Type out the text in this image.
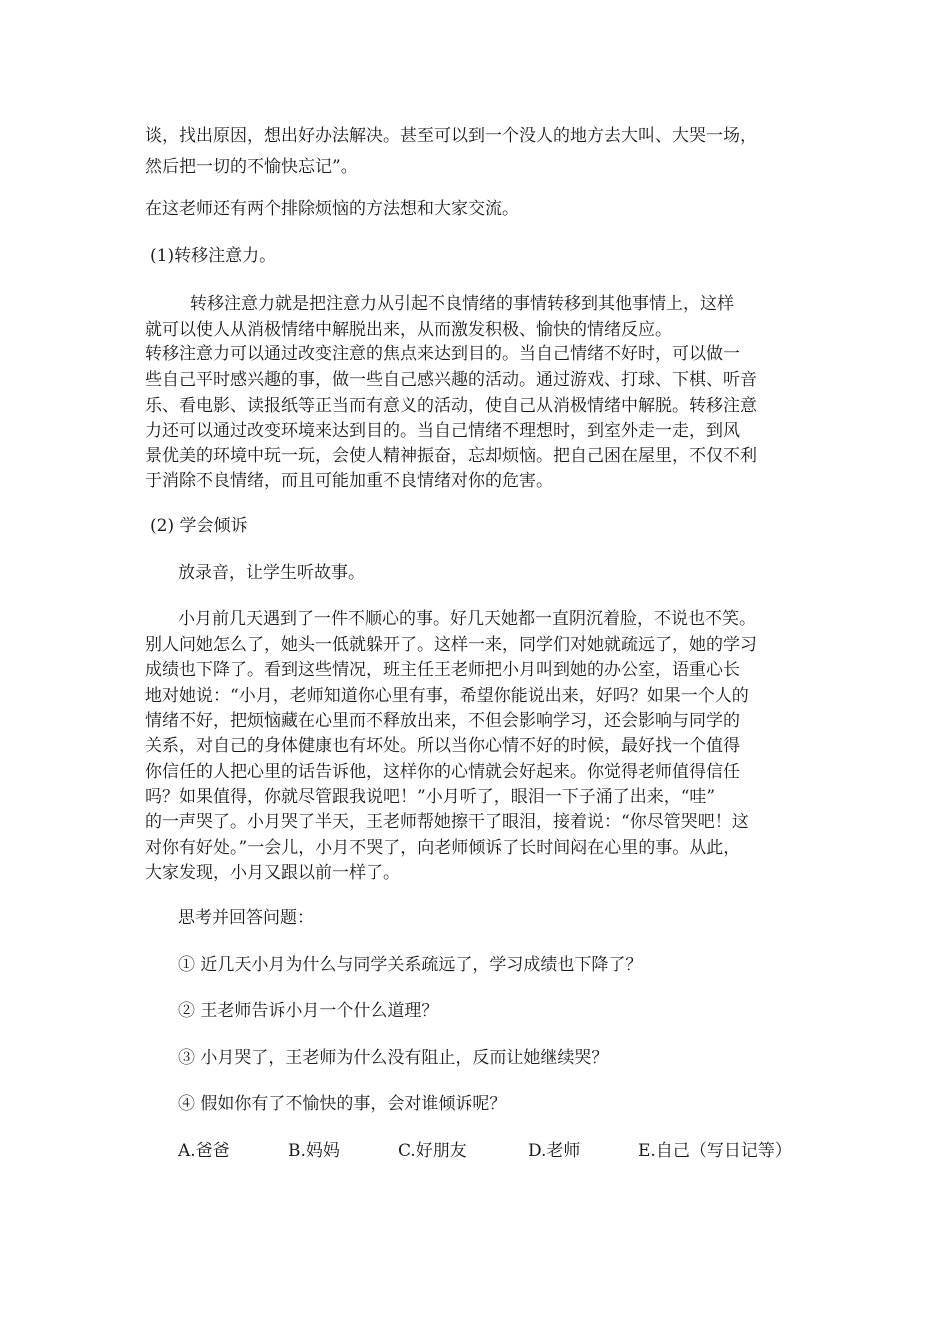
谈，找出原因，想出好办法解决。甚至可以到一个没人的地方去大叫、大哭一场，
然后把一切的不愉快忘记”。
在这老师还有两个排除烦恼的方法想和大家交流。
(1)转移注意力。
转移注意力就是把注意力从引起不良情绪的事情转移到其他事情上，这样
就可以使人从消极情绪中解脱出来，从而激发积极、愉快的情绪反应。
转移注意力可以通过改变注意的焦点来达到目的。当自己情绪不好时，可以做一
些自己平时感兴趣的事，做一些自己感兴趣的活动。通过游戏、打球、下棋、听音
乐、看电影、读报纸等正当而有意义的活动，使自己从消极情绪中解脱。转移注意
力还可以通过改变环境来达到目的。当自己情绪不理想时，到室外走一走，到风
景优美的环境中玩一玩，会使人精神振奋，忘却烦恼。把自己困在屋里，不仅不利
于消除不良情绪，而且可能加重不良情绪对你的危害。
(2) 学会倾诉
放录音，让学生听故事。
小月前几天遇到了一件不顺心的事。好几天她都一直阴沉着脸，不说也不笑。
别人问她怎么了，她头一低就躲开了。这样一来，同学们对她就疏远了，她的学习
成绩也下降了。看到这些情况，班主任王老师把小月叫到她的办公室，语重心长
地对她说：“小月，老师知道你心里有事，希望你能说出来，好吗？如果一个人的
情绪不好，把烦恼藏在心里而不释放出来，不但会影响学习，还会影响与同学的
关系，对自己的身体健康也有坏处。所以当你心情不好的时候，最好找一个值得
你信任的人把心里的话告诉他，这样你的心情就会好起来。你觉得老师值得信任
吗？如果值得，你就尽管跟我说吧！”小月听了，眼泪一下子涌了出来，“哇”
的一声哭了。小月哭了半天，王老师帮她擦干了眼泪，接着说：“你尽管哭吧！这
对你有好处。”一会儿，小月不哭了，向老师倾诉了长时间闷在心里的事。从此，
大家发现，小月又跟以前一样了。
思考并回答问题：
① 近几天小月为什么与同学关系疏远了，学习成绩也下降了？
② 王老师告诉小月一个什么道理？
③ 小月哭了，王老师为什么没有阻止，反而让她继续哭？
④ 假如你有了不愉快的事，会对谁倾诉呢？
A.爸爸	B.妈妈	C.好朋友	D.老师	E.自己（写日记等）
